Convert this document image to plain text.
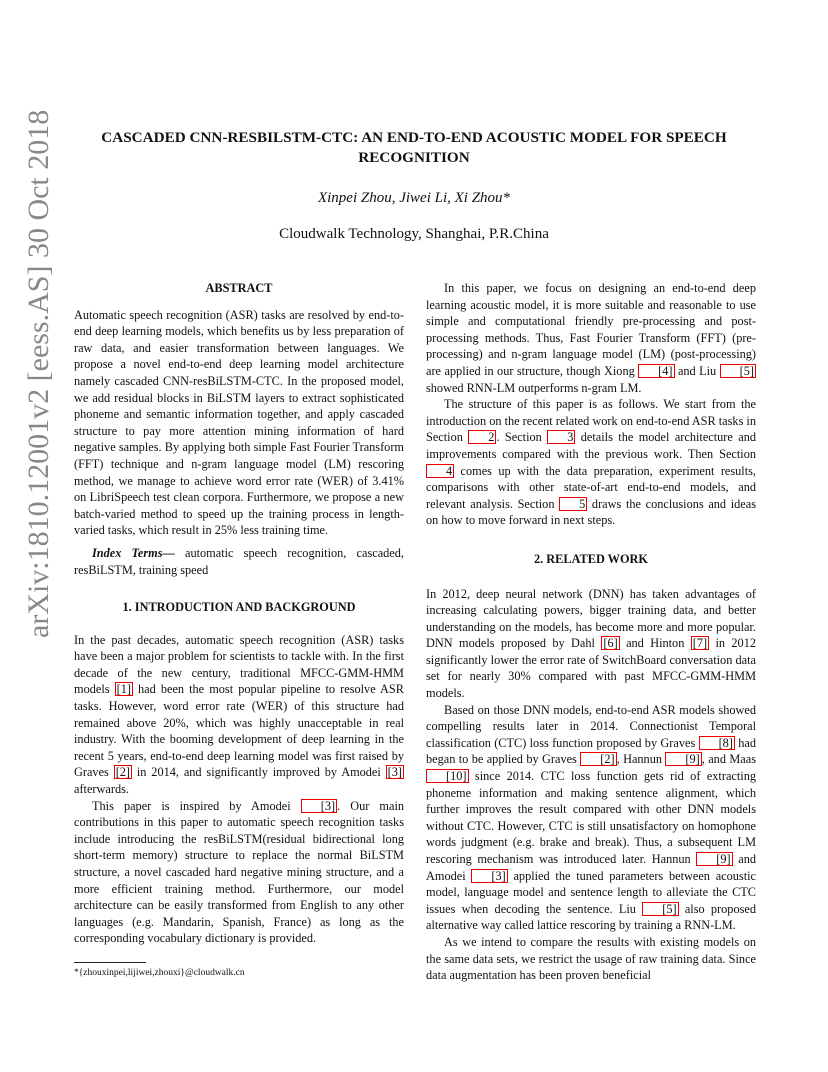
arXiv:1810.12001v2 [eess.AS] 30 Oct 2018	CASCADED CNN-RESBILSTM-CTC: AN END-TO-END ACOUSTIC MODEL FOR SPEECH
RECOGNITION
Xinpei Zhou, Jiwei Li, Xi Zhou*
Cloudwalk Technology, Shanghai, P.R.China
ABSTRACT

Automatic speech recognition (ASR) tasks are resolved by end-to-end deep learning models, which benefits us by less preparation of raw data, and easier transformation between languages. We propose a novel end-to-end deep learning model architecture namely cascaded CNN-resBiLSTM-CTC. In the proposed model, we add residual blocks in BiLSTM layers to extract sophisticated phoneme and semantic information together, and apply cascaded structure to pay more attention mining information of hard negative samples. By applying both simple Fast Fourier Transform (FFT) technique and n-gram language model (LM) rescoring method, we manage to achieve word error rate (WER) of 3.41% on LibriSpeech test clean corpora. Furthermore, we propose a new batch-varied method to speed up the training process in length-varied tasks, which result in 25% less training time.

Index Terms— automatic speech recognition, cascaded, resBiLSTM, training speed

1. INTRODUCTION AND BACKGROUND

In the past decades, automatic speech recognition (ASR) tasks have been a major problem for scientists to tackle with. In the first decade of the new century, traditional MFCC-GMM-HMM models [1] had been the most popular pipeline to resolve ASR tasks. However, word error rate (WER) of this structure had remained above 20%, which was highly unacceptable in real industry. With the booming development of deep learning in the recent 5 years, end-to-end deep learning model was first raised by Graves [2] in 2014, and significantly improved by Amodei [3] afterwards.

This paper is inspired by Amodei [3] . Our main contributions in this paper to automatic speech recognition tasks include introducing the resBiLSTM(residual bidirectional long short-term memory) structure to replace the normal BiLSTM structure, a novel cascaded hard negative mining structure, and a more efficient training method. Furthermore, our model architecture can be easily transformed from English to any other languages (e.g. Mandarin, Spanish, France) as long as the corresponding vocabulary dictionary is provided.

*{zhouxinpei,lijiwei,zhouxi}@cloudwalk.cn

In this paper, we focus on designing an end-to-end deep learning acoustic model, it is more suitable and reasonable to use simple and computational friendly pre-processing and post-processing methods. Thus, Fast Fourier Transform (FFT) (pre-processing) and n-gram language model (LM) (post-processing) are applied in our structure, though Xiong [4] and Liu [5] showed RNN-LM outperforms n-gram LM.

The structure of this paper is as follows. We start from the introduction on the recent related work on end-to-end ASR tasks in Section 2 . Section 3 details the model architecture and improvements compared with the previous work. Then Section 4 comes up with the data preparation, experiment results, comparisons with other state-of-art end-to-end models, and relevant analysis. Section 5 draws the conclusions and ideas on how to move forward in next steps.

2. RELATED WORK

In 2012, deep neural network (DNN) has taken advantages of increasing calculating powers, bigger training data, and better understanding on the models, has become more and more popular. DNN models proposed by Dahl [6] and Hinton [7] in 2012 significantly lower the error rate of SwitchBoard conversation data set for nearly 30% compared with past MFCC-GMM-HMM models.

Based on those DNN models, end-to-end ASR models showed compelling results later in 2014. Connectionist Temporal classification (CTC) loss function proposed by Graves [8] had began to be applied by Graves [2] , Hannun [9] , and Maas [10] since 2014. CTC loss function gets rid of extracting phoneme information and making sentence alignment, which further improves the result compared with other DNN models without CTC. However, CTC is still unsatisfactory on homophone words judgment (e.g. brake and break). Thus, a subsequent LM rescoring mechanism was introduced later. Hannun [9] and Amodei [3] applied the tuned parameters between acoustic model, language model and sentence length to alleviate the CTC issues when decoding the sentence. Liu [5] also proposed alternative way called lattice rescoring by training a RNN-LM.

As we intend to compare the results with existing models on the same data sets, we restrict the usage of raw training data. Since data augmentation has been proven beneficial
